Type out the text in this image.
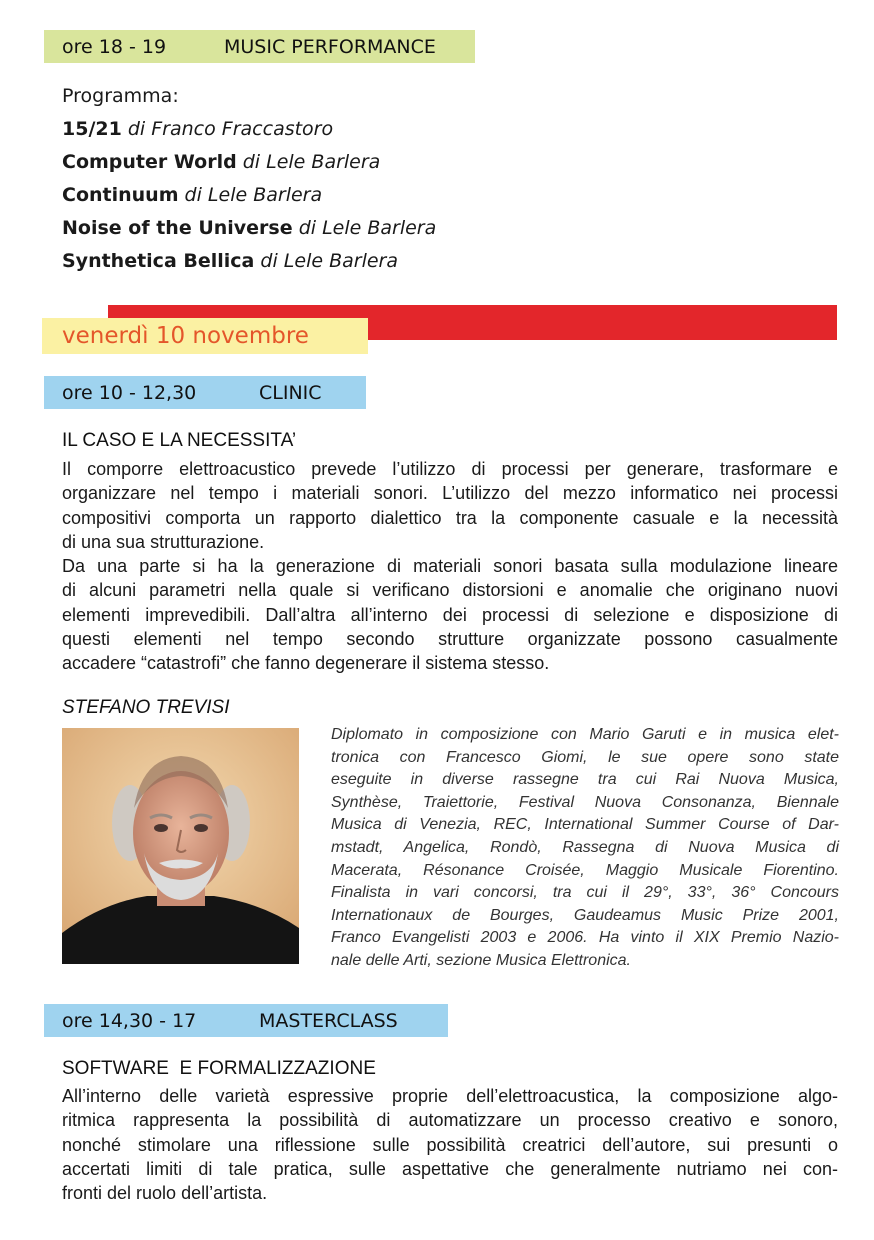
ore 18 - 19	MUSIC PERFORMANCE
Programma:
15/21 di Franco Fraccastoro
Computer World di Lele Barlera
Continuum di Lele Barlera
Noise of the Universe di Lele Barlera
Synthetica Bellica di Lele Barlera
venerdì 10 novembre
ore 10 - 12,30	CLINIC
IL CASO E LA NECESSITA’
Il comporre elettroacustico prevede l’utilizzo di processi per generare, trasformare e
organizzare nel tempo i materiali sonori. L’utilizzo del mezzo informatico nei processi
compositivi comporta un rapporto dialettico tra la componente casuale e la necessità
di una sua strutturazione.
Da una parte si ha la generazione di materiali sonori basata sulla modulazione lineare
di alcuni parametri nella quale si verificano distorsioni e anomalie che originano nuovi
elementi imprevedibili. Dall’altra all’interno dei processi di selezione e disposizione di
questi elementi nel tempo secondo strutture organizzate possono casualmente
accadere “catastrofi” che fanno degenerare il sistema stesso.
STEFANO TREVISI
Diplomato in composizione con Mario Garuti e in musica elet-
tronica con Francesco Giomi, le sue opere sono state
eseguite in diverse rassegne tra cui Rai Nuova Musica,
Synthèse, Traiettorie, Festival Nuova Consonanza, Biennale
Musica di Venezia, REC, International Summer Course of Dar-
mstadt, Angelica, Rondò, Rassegna di Nuova Musica di
Macerata, Résonance Croisée, Maggio Musicale Fiorentino.
Finalista in vari concorsi, tra cui il 29°, 33°, 36° Concours
Internationaux de Bourges, Gaudeamus Music Prize 2001,
Franco Evangelisti 2003 e 2006. Ha vinto il XIX Premio Nazio-
nale delle Arti, sezione Musica Elettronica.
ore 14,30 - 17	MASTERCLASS
SOFTWARE  E FORMALIZZAZIONE
All’interno delle varietà espressive proprie dell’elettroacustica, la composizione algo-
ritmica rappresenta la possibilità di automatizzare un processo creativo e sonoro,
nonché stimolare una riflessione sulle possibilità creatrici dell’autore, sui presunti o
accertati limiti di tale pratica, sulle aspettative che generalmente nutriamo nei con-
fronti del ruolo dell’artista.
